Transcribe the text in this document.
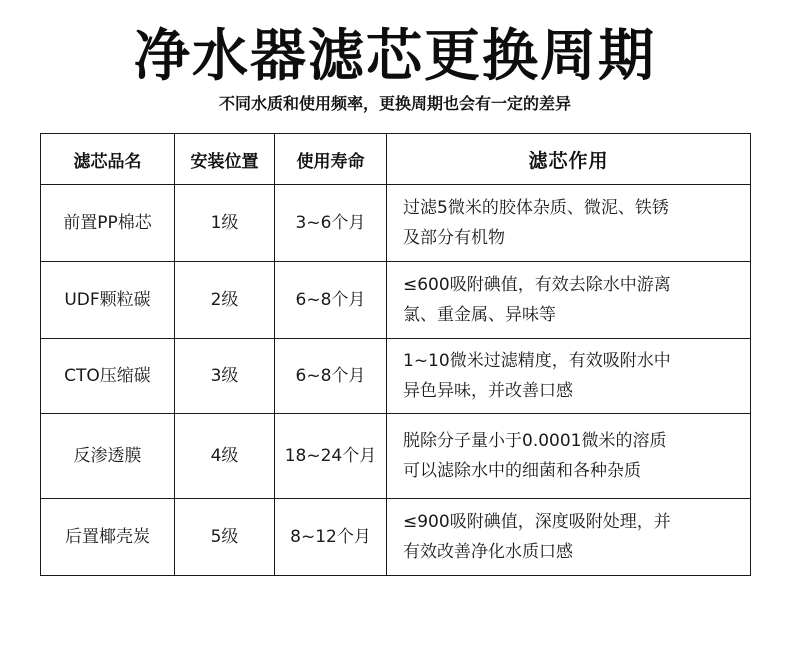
净水器滤芯更换周期
不同水质和使用频率，更换周期也会有一定的差异
滤芯品名	安装位置	使用寿命	滤芯作用
前置PP棉芯	1级	3~6个月	过滤5微米的胶体杂质、微泥、铁锈
及部分有机物

UDF颗粒碳	2级	6~8个月	≤600吸附碘值，有效去除水中游离
氯、重金属、异味等

CTO压缩碳	3级	6~8个月	1~10微米过滤精度，有效吸附水中
异色异味，并改善口感

反渗透膜	4级	18~24个月	脱除分子量小于0.0001微米的溶质
可以滤除水中的细菌和各种杂质

后置椰壳炭	5级	8~12个月	≤900吸附碘值，深度吸附处理，并
有效改善净化水质口感
